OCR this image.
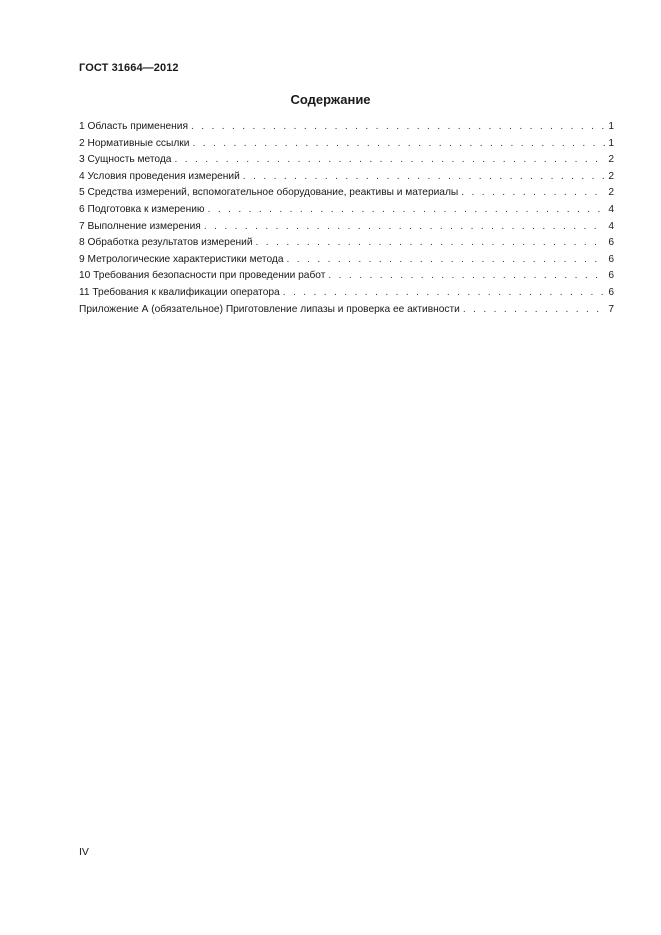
ГОСТ 31664—2012
Содержание
1 Область применения . . .	1
2 Нормативные ссылки . . .	1
3 Сущность метода . . .	2
4 Условия проведения измерений . . .	2
5 Средства измерений, вспомогательное оборудование, реактивы и материалы . . .	2
6 Подготовка к измерению . . .	4
7 Выполнение измерения . . .	4
8 Обработка результатов измерений . . .	6
9 Метрологические характеристики метода . . .	6
10 Требования безопасности при проведении работ . . .	6
11 Требования к квалификации оператора . . .	6
Приложение А (обязательное) Приготовление липазы и проверка ее активности . . .	7
IV
